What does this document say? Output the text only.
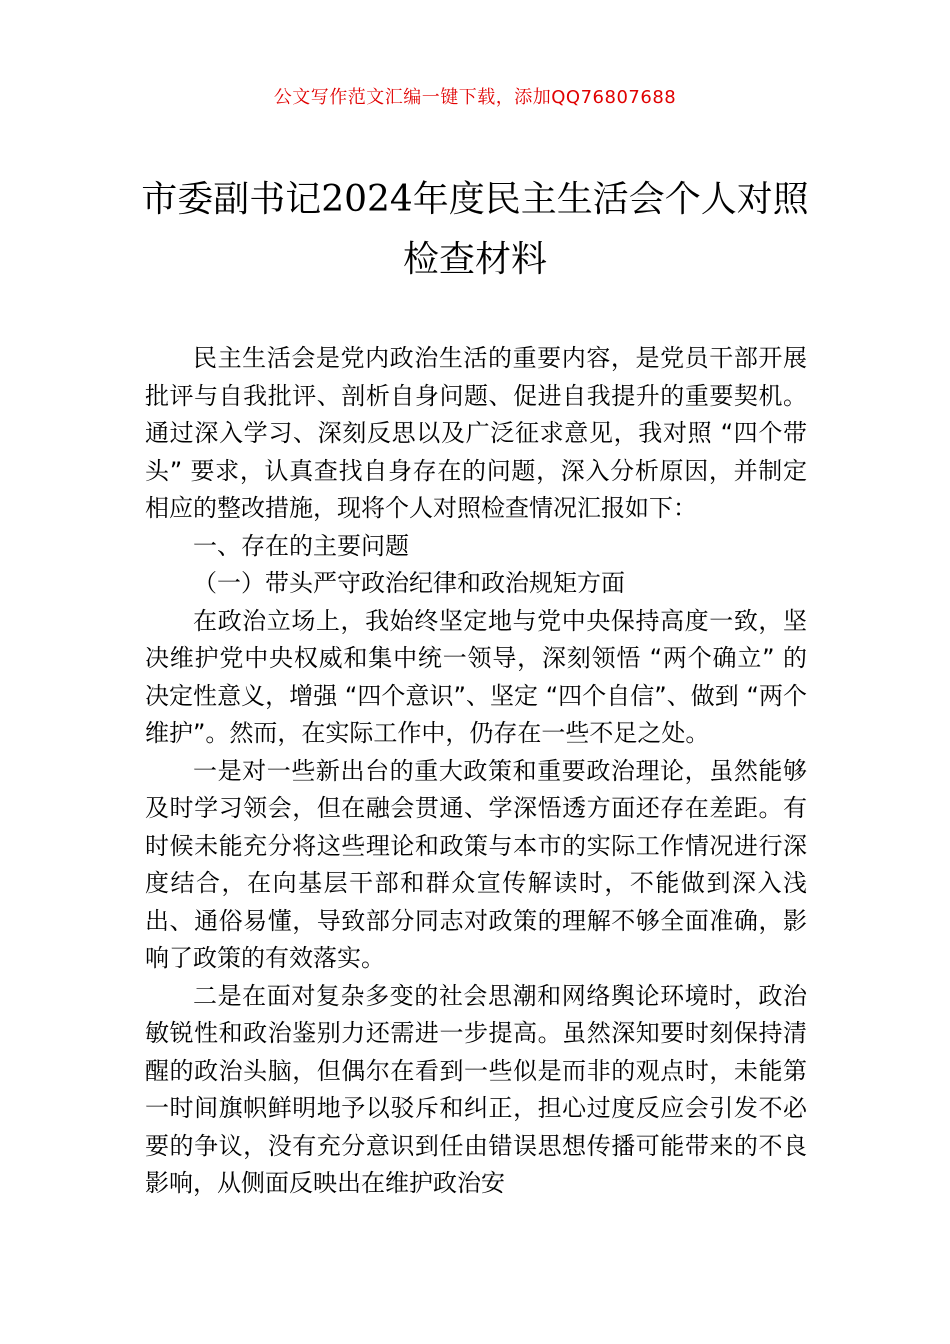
公文写作范文汇编一键下载，添加QQ76807688
市委副书记2024年度民主生活会个人对照
检查材料

民主生活会是党内政治生活的重要内容，是党员干部开展批评与自我批评、剖析自身问题、促进自我提升的重要契机。通过深入学习、深刻反思以及广泛征求意见，我对照 “四个带头” 要求，认真查找自身存在的问题，深入分析原因，并制定相应的整改措施，现将个人对照检查情况汇报如下：

一、存在的主要问题

（一）带头严守政治纪律和政治规矩方面

在政治立场上，我始终坚定地与党中央保持高度一致，坚决维护党中央权威和集中统一领导，深刻领悟 “两个确立” 的决定性意义，增强 “四个意识”、坚定 “四个自信”、做到 “两个维护”。然而，在实际工作中，仍存在一些不足之处。

一是对一些新出台的重大政策和重要政治理论，虽然能够及时学习领会，但在融会贯通、学深悟透方面还存在差距。有时候未能充分将这些理论和政策与本市的实际工作情况进行深度结合，在向基层干部和群众宣传解读时，不能做到深入浅出、通俗易懂，导致部分同志对政策的理解不够全面准确，影响了政策的有效落实。

二是在面对复杂多变的社会思潮和网络舆论环境时，政治敏锐性和政治鉴别力还需进一步提高。虽然深知要时刻保持清醒的政治头脑，但偶尔在看到一些似是而非的观点时，未能第一时间旗帜鲜明地予以驳斥和纠正，担心过度反应会引发不必要的争议，没有充分意识到任由错误思想传播可能带来的不良影响，从侧面反映出在维护政治安
